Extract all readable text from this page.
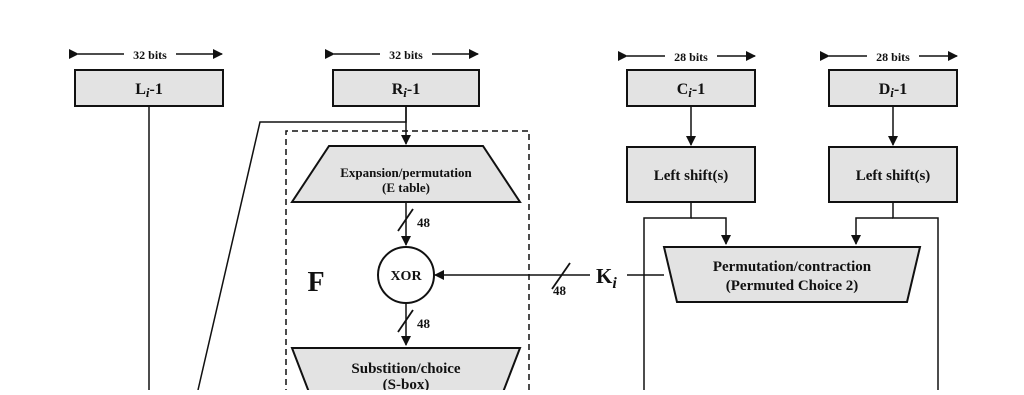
32 bits	32 bits	28 bits	28 bits
Li-1	Ri-1	Ci-1	Di-1
F
Expansion/permutation
(E table)
48
XOR
48
Substition/choice
(S-box)
Left shift(s)	Left shift(s)
Permutation/contraction
(Permuted Choice 2)
$K_i$
48
